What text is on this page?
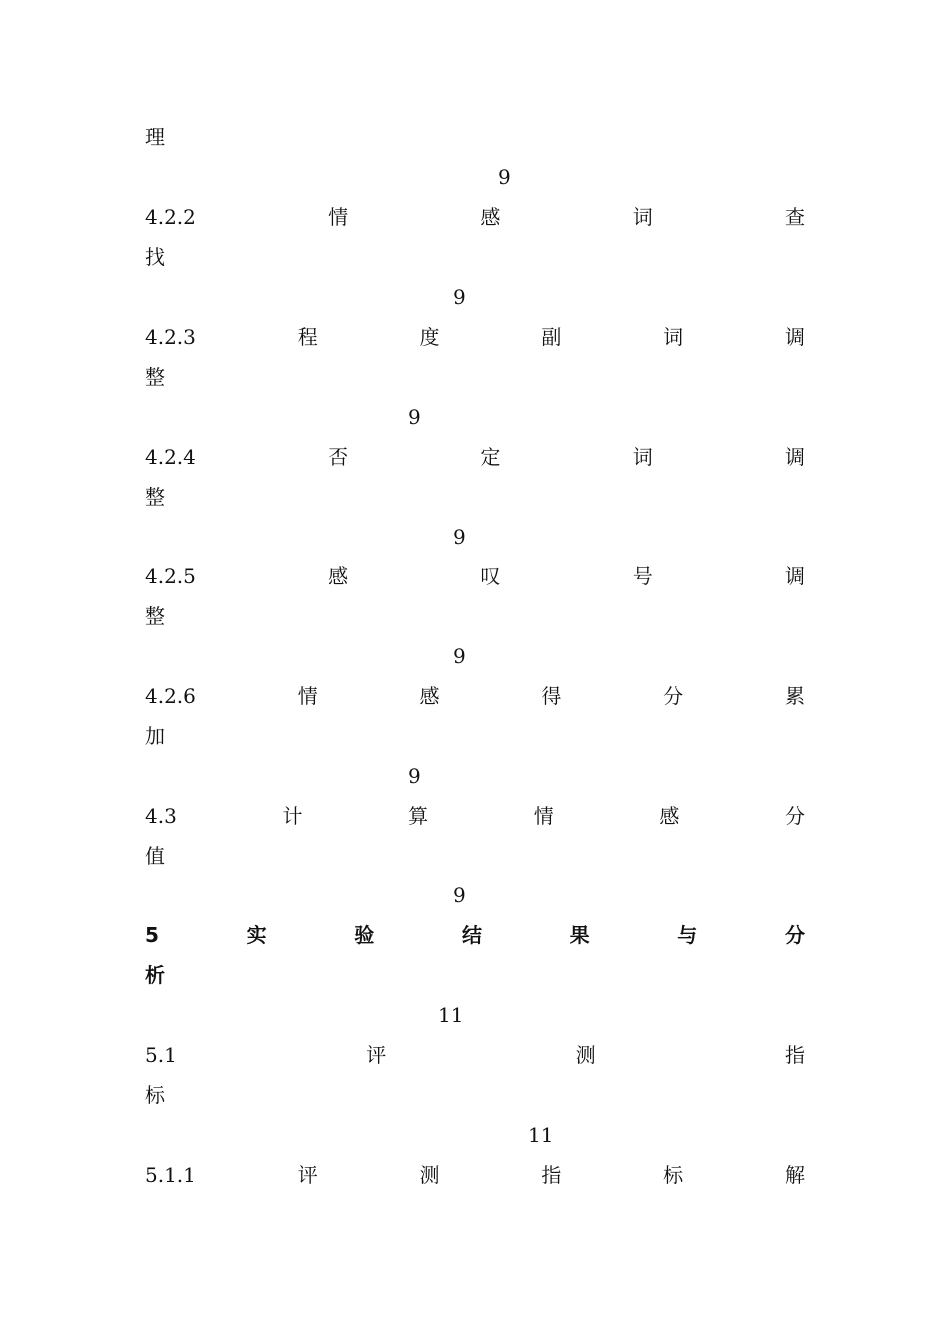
理
9
4.2.2	情	感	词	查
找
9
4.2.3	程	度	副	词	调
整
9
4.2.4	否	定	词	调
整
9
4.2.5	感	叹	号	调
整
9
4.2.6	情	感	得	分	累
加
9
4.3	计	算	情	感	分
值
9
5	实	验	结	果	与	分
析
11
5.1	评	测	指
标
11
5.1.1	评	测	指	标	解
